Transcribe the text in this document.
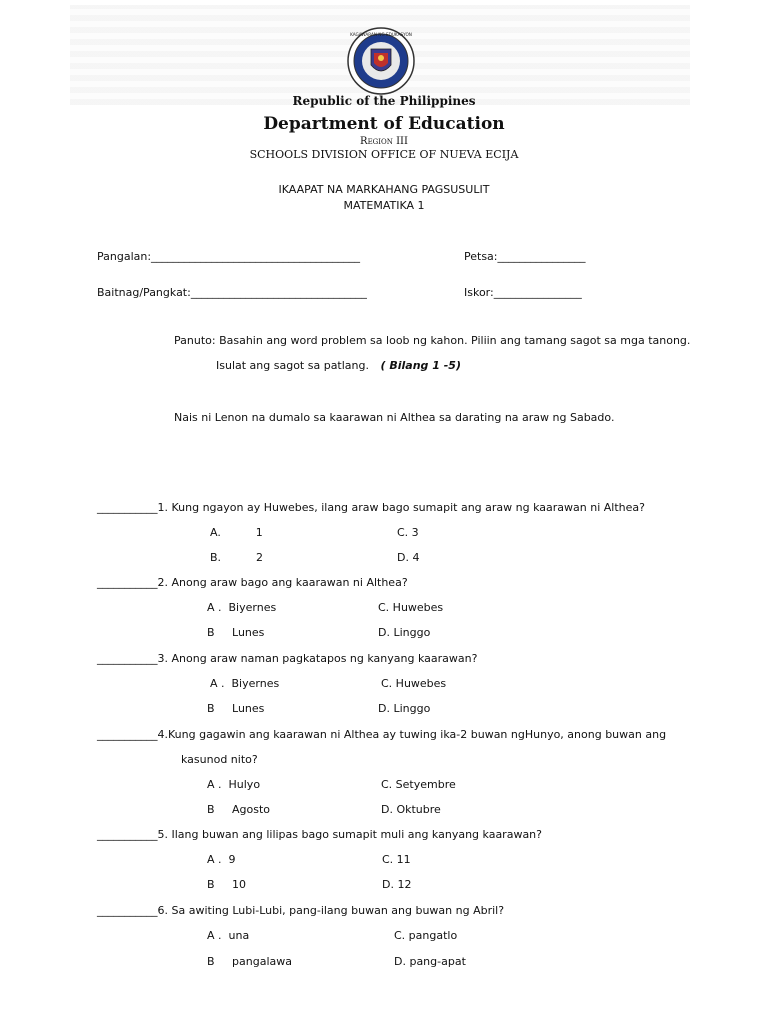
KAGAWARAN NG EDUKASYON
Republic of the Philippines
Department of Education
Region III
SCHOOLS DIVISION OFFICE OF NUEVA ECIJA
IKAAPAT NA MARKAHANG PAGSUSULIT
MATEMATIKA 1
Pangalan:______________________________________	Petsa:________________
Baitnag/Pangkat:________________________________	Iskor:________________
Panuto: Basahin ang word problem sa loob ng kahon. Piliin ang tamang sagot sa mga tanong.
Isulat ang sagot sa patlang. ( Bilang 1 -5)
Nais ni Lenon na dumalo sa kaarawan ni Althea sa darating na araw ng Sabado.
___________1. Kung ngayon ay Huwebes, ilang araw bago sumapit ang araw ng kaarawan ni Althea?
A.          1	C. 3
B.          2	D. 4
___________2. Anong araw bago ang kaarawan ni Althea?
A .  Biyernes	C. Huwebes
B     Lunes	D. Linggo
___________3. Anong araw naman pagkatapos ng kanyang kaarawan?
A .  Biyernes	C. Huwebes
B     Lunes	D. Linggo
___________4.Kung gagawin ang kaarawan ni Althea ay tuwing ika-2 buwan ngHunyo, anong buwan ang
kasunod nito?
A .  Hulyo	C. Setyembre
B     Agosto	D. Oktubre
___________5. Ilang buwan ang lilipas bago sumapit muli ang kanyang kaarawan?
A .  9	C. 11
B     10	D. 12
___________6. Sa awiting Lubi-Lubi, pang-ilang buwan ang buwan ng Abril?
A .  una	C. pangatlo
B     pangalawa	D. pang-apat
